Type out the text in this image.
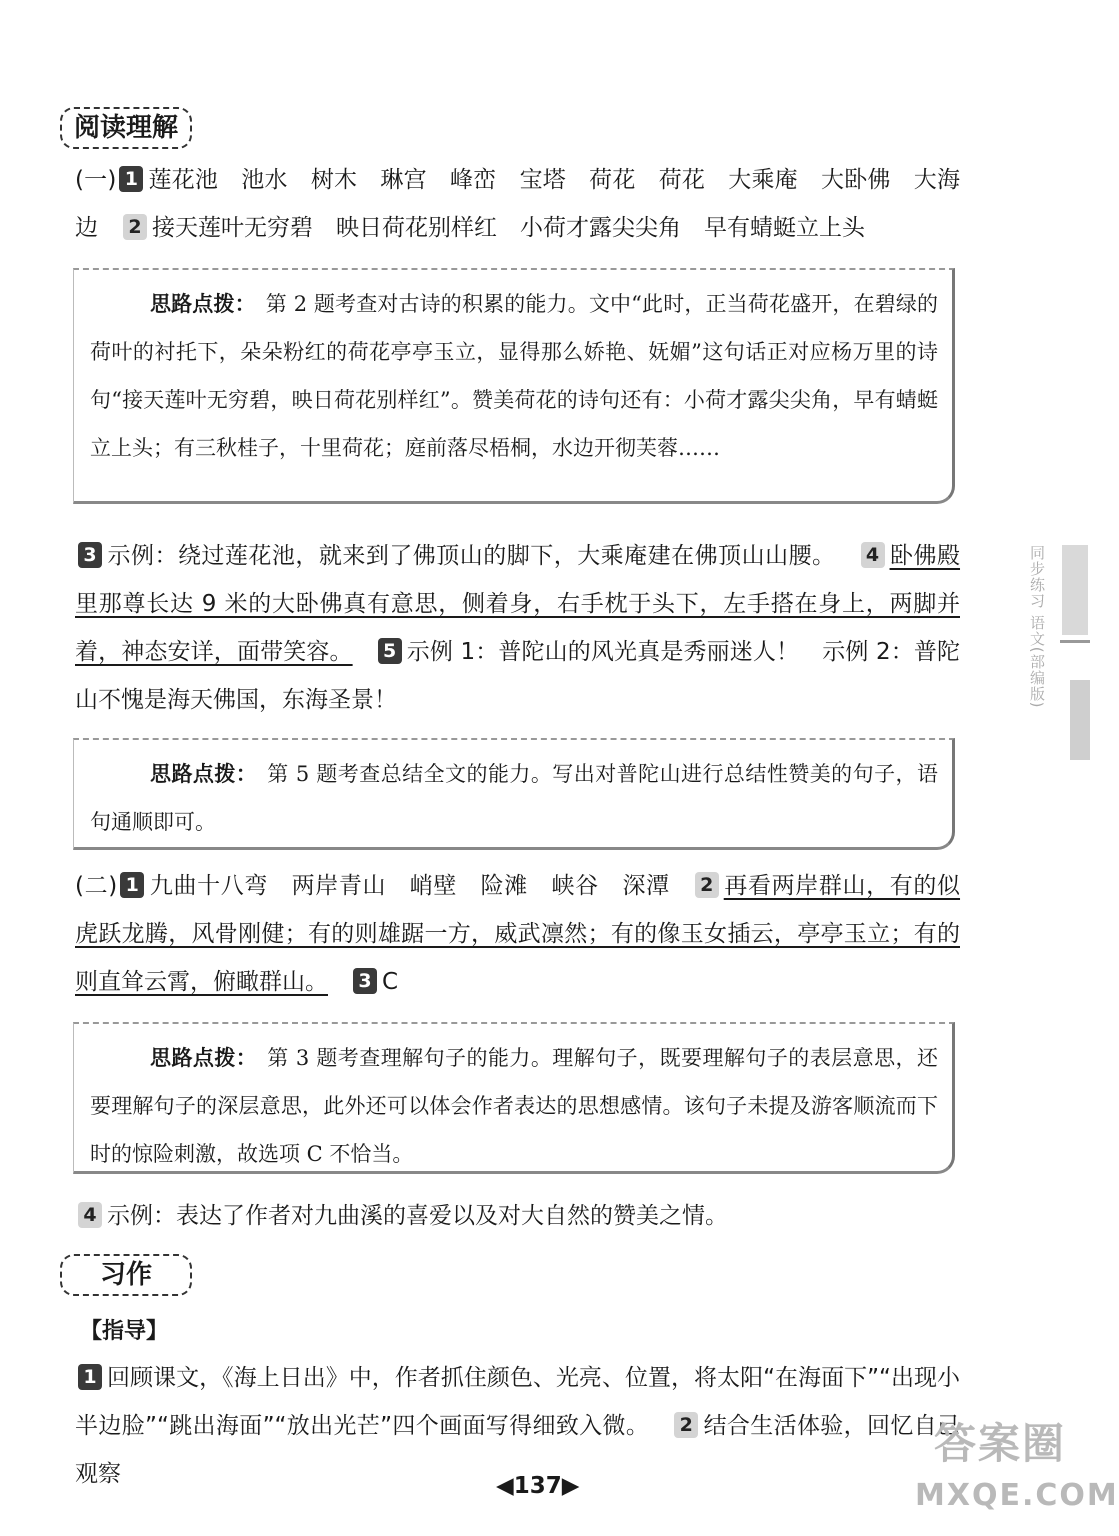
阅读理解
(一) 1 莲花池　池水　树木　琳宫　峰峦　宝塔　荷花　荷花　大乘庵　大卧佛　大海边 2 接天莲叶无穷碧　映日荷花别样红　小荷才露尖尖角　早有蜻蜓立上头
思路点拨： 第 2 题考查对古诗的积累的能力。文中“此时，正当荷花盛开，在碧绿的荷叶的衬托下，朵朵粉红的荷花亭亭玉立，显得那么娇艳、妩媚”这句话正对应杨万里的诗句“接天莲叶无穷碧，映日荷花别样红”。赞美荷花的诗句还有：小荷才露尖尖角，早有蜻蜓立上头；有三秋桂子，十里荷花；庭前落尽梧桐，水边开彻芙蓉……
3 示例：绕过莲花池，就来到了佛顶山的脚下，大乘庵建在佛顶山山腰。 4 卧佛殿里那尊长达 9 米的大卧佛真有意思，侧着身，右手枕于头下，左手搭在身上，两脚并着，神态安详，面带笑容。 5 示例 1：普陀山的风光真是秀丽迷人！　示例 2：普陀山不愧是海天佛国，东海圣景！
思路点拨： 第 5 题考查总结全文的能力。写出对普陀山进行总结性赞美的句子，语句通顺即可。
(二) 1 九曲十八弯　两岸青山　峭壁　险滩　峡谷　深潭 2 再看两岸群山，有的似虎跃龙腾，风骨刚健；有的则雄踞一方，威武凛然；有的像玉女插云，亭亭玉立；有的则直耸云霄，俯瞰群山。 3 C
思路点拨： 第 3 题考查理解句子的能力。理解句子，既要理解句子的表层意思，还要理解句子的深层意思，此外还可以体会作者表达的思想感情。该句子未提及游客顺流而下时的惊险刺激，故选项 C 不恰当。
4 示例：表达了作者对九曲溪的喜爱以及对大自然的赞美之情。
习作
【指导】
1 回顾课文，《海上日出》中，作者抓住颜色、光亮、位置，将太阳“在海面下”“出现小半边脸”“跳出海面”“放出光芒”四个画面写得细致入微。 2 结合生活体验，回忆自己观察	◀137▶
同步练习 语文(部编版)
答案圈
MXQE.COM
